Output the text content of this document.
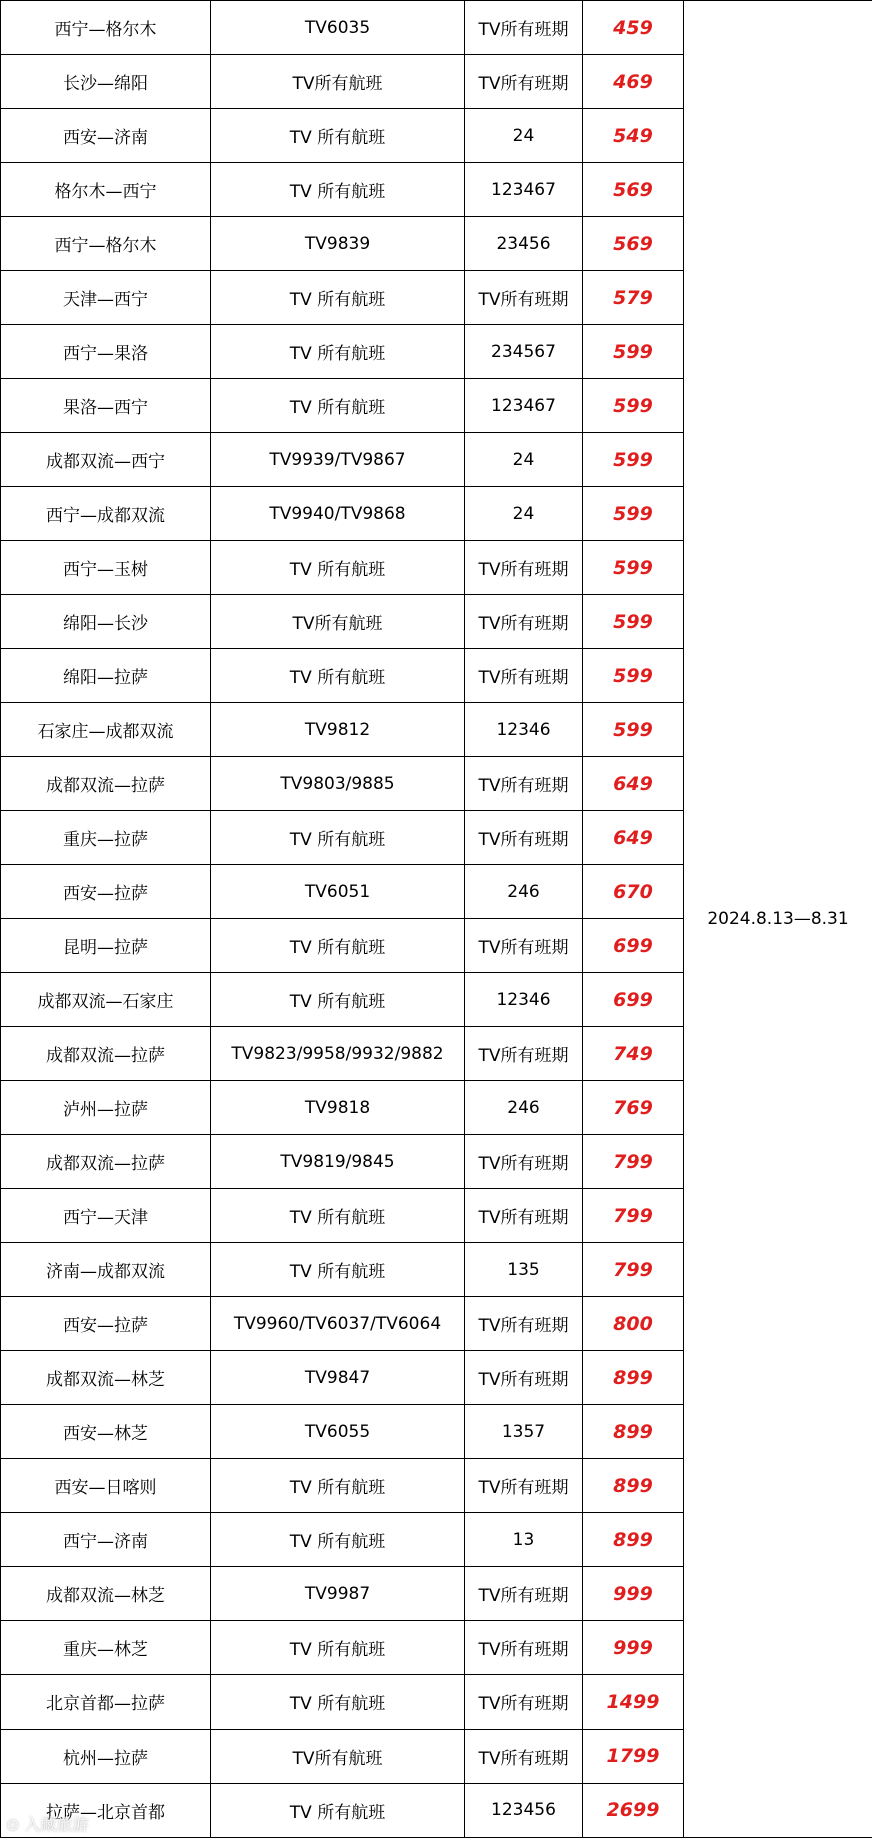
西宁—格尔木	TV6035	TV所有班期	459	2024.8.13—8.31
长沙—绵阳	TV所有航班	TV所有班期	469	
西安—济南	TV 所有航班	24	549	
格尔木—西宁	TV 所有航班	123467	569	
西宁—格尔木	TV9839	23456	569	
天津—西宁	TV 所有航班	TV所有班期	579	
西宁—果洛	TV 所有航班	234567	599	
果洛—西宁	TV 所有航班	123467	599	
成都双流—西宁	TV9939/TV9867	24	599	
西宁—成都双流	TV9940/TV9868	24	599	
西宁—玉树	TV 所有航班	TV所有班期	599	
绵阳—长沙	TV所有航班	TV所有班期	599	
绵阳—拉萨	TV 所有航班	TV所有班期	599	
石家庄—成都双流	TV9812	12346	599	
成都双流—拉萨	TV9803/9885	TV所有班期	649	
重庆—拉萨	TV 所有航班	TV所有班期	649	
西安—拉萨	TV6051	246	670	
昆明—拉萨	TV 所有航班	TV所有班期	699	
成都双流—石家庄	TV 所有航班	12346	699	
成都双流—拉萨	TV9823/9958/9932/9882	TV所有班期	749	
泸州—拉萨	TV9818	246	769	
成都双流—拉萨	TV9819/9845	TV所有班期	799	
西宁—天津	TV 所有航班	TV所有班期	799	
济南—成都双流	TV 所有航班	135	799	
西安—拉萨	TV9960/TV6037/TV6064	TV所有班期	800	
成都双流—林芝	TV9847	TV所有班期	899	
西安—林芝	TV6055	1357	899	
西安—日喀则	TV 所有航班	TV所有班期	899	
西宁—济南	TV 所有航班	13	899	
成都双流—林芝	TV9987	TV所有班期	999	
重庆—林芝	TV 所有航班	TV所有班期	999	
北京首都—拉萨	TV 所有航班	TV所有班期	1499	
杭州—拉萨	TV所有航班	TV所有班期	1799	
拉萨—北京首都	TV 所有航班	123456	2699	
⊙ 入藏旅游
